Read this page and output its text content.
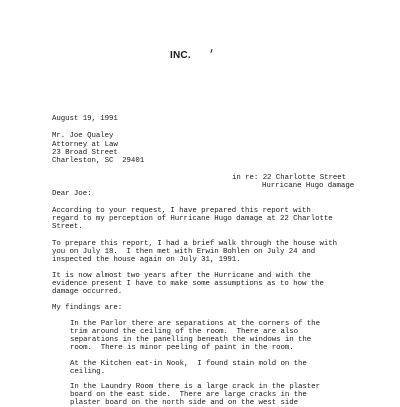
INC.

August 19, 1991

Mr. Joe Qualey

Attorney at Law

23 Broad Street

Charleston, SC  29401

in re: 22 Charlotte Street

Hurricane Hugo damage

Dear Joe:

According to your request, I have prepared this report with

regard to my perception of Hurricane Hugo damage at 22 Charlotte

Street.

To prepare this report, I had a brief walk through the house with

you on July 18.  I then met with Erwin Bohlen on July 24 and

inspected the house again on July 31, 1991.

It is now almost two years after the Hurricane and with the

evidence present I have to make some assumptions as to how the

damage occurred.

My findings are:

In the Parlor there are separations at the corners of the

trim around the ceiling of the room.  There are also

separations in the panelling beneath the windows in the

room.  There is minor peeling of paint in the room.

At the Kitchen eat-in Nook,  I found stain mold on the

ceiling.

In the Laundry Room there is a large crack in the plaster

board on the east side.  There are large cracks in the

plaster board on the north side and on the west side
